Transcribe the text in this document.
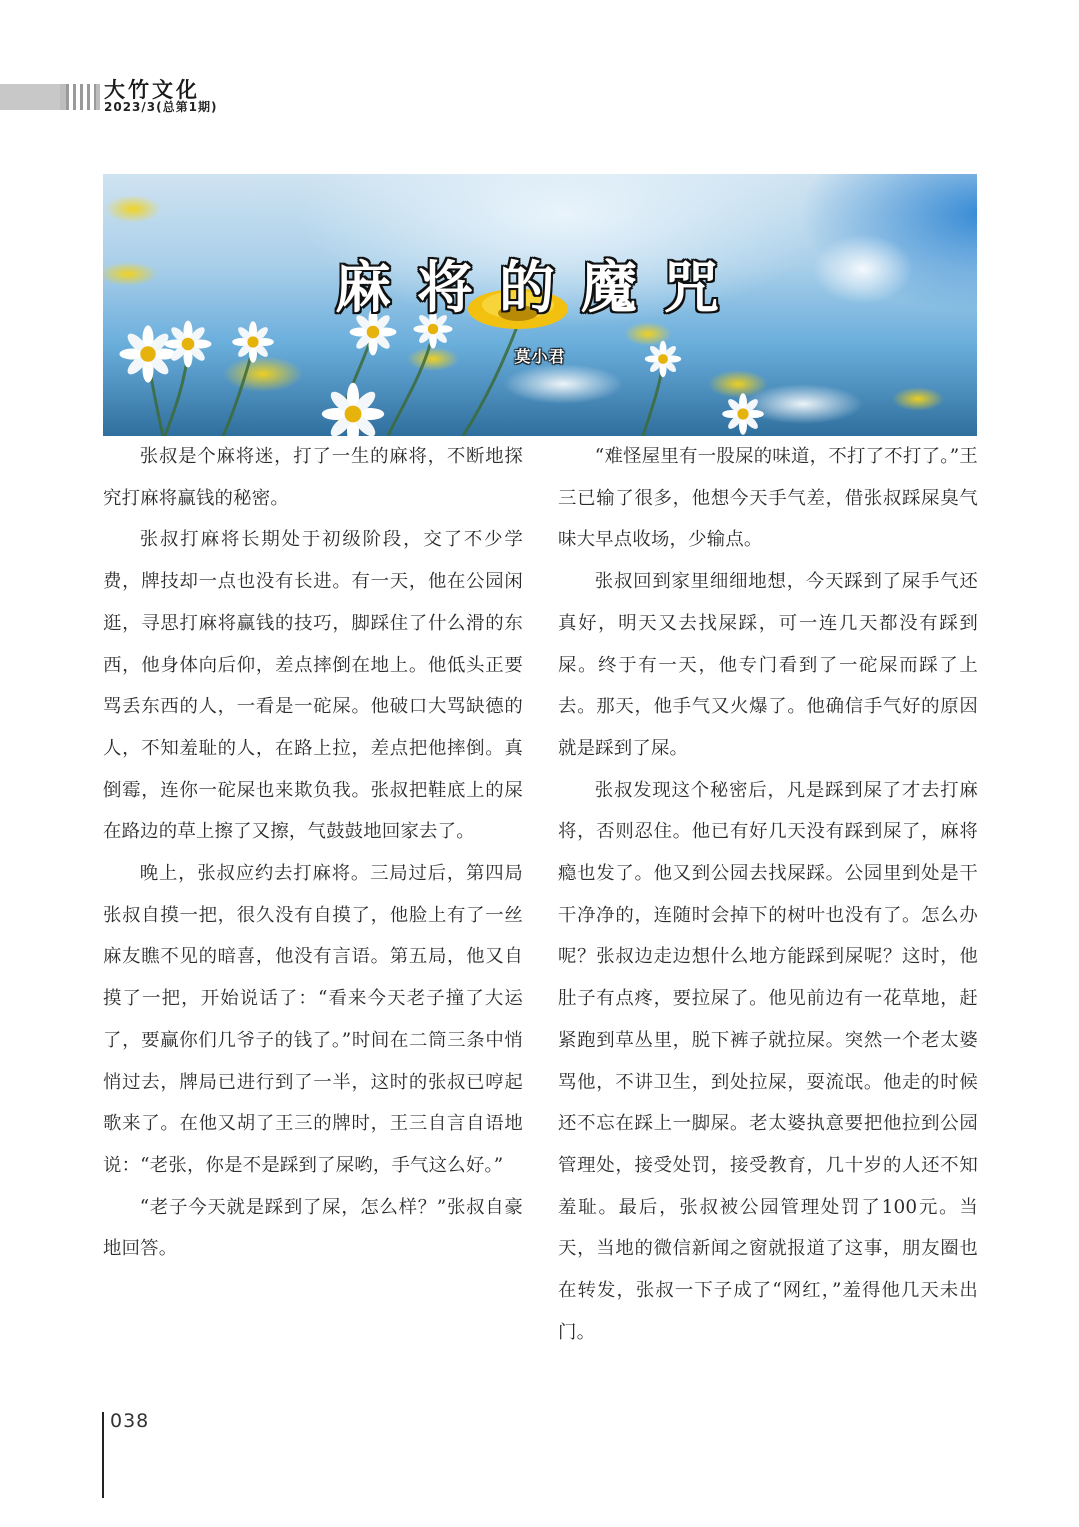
大竹文化
2023/3(总第1期)
麻将的魔咒
莫小君

张叔是个麻将迷，打了一生的麻将，不断地探究打麻将赢钱的秘密。

张叔打麻将长期处于初级阶段，交了不少学费，牌技却一点也没有长进。有一天，他在公园闲逛，寻思打麻将赢钱的技巧，脚踩住了什么滑的东西，他身体向后仰，差点摔倒在地上。他低头正要骂丢东西的人，一看是一砣屎。他破口大骂缺德的人，不知羞耻的人，在路上拉，差点把他摔倒。真倒霉，连你一砣屎也来欺负我。张叔把鞋底上的屎在路边的草上擦了又擦，气鼓鼓地回家去了。

晚上，张叔应约去打麻将。三局过后，第四局张叔自摸一把，很久没有自摸了，他脸上有了一丝麻友瞧不见的暗喜，他没有言语。第五局，他又自摸了一把，开始说话了：“看来今天老子撞了大运了，要赢你们几爷子的钱了。”时间在二筒三条中悄悄过去，牌局已进行到了一半，这时的张叔已哼起歌来了。在他又胡了王三的牌时，王三自言自语地说：“老张，你是不是踩到了屎哟，手气这么好。”

“老子今天就是踩到了屎，怎么样？”张叔自豪地回答。

“难怪屋里有一股屎的味道，不打了不打了。”王三已输了很多，他想今天手气差，借张叔踩屎臭气味大早点收场，少输点。

张叔回到家里细细地想，今天踩到了屎手气还真好，明天又去找屎踩，可一连几天都没有踩到屎。终于有一天，他专门看到了一砣屎而踩了上去。那天，他手气又火爆了。他确信手气好的原因就是踩到了屎。

张叔发现这个秘密后，凡是踩到屎了才去打麻将，否则忍住。他已有好几天没有踩到屎了，麻将瘾也发了。他又到公园去找屎踩。公园里到处是干干净净的，连随时会掉下的树叶也没有了。怎么办呢？张叔边走边想什么地方能踩到屎呢？这时，他肚子有点疼，要拉屎了。他见前边有一花草地，赶紧跑到草丛里，脱下裤子就拉屎。突然一个老太婆骂他，不讲卫生，到处拉屎，耍流氓。他走的时候还不忘在踩上一脚屎。老太婆执意要把他拉到公园管理处，接受处罚，接受教育，几十岁的人还不知羞耻。最后，张叔被公园管理处罚了100元。当天，当地的微信新闻之窗就报道了这事，朋友圈也在转发，张叔一下子成了“网红，”羞得他几天未出门。

038
